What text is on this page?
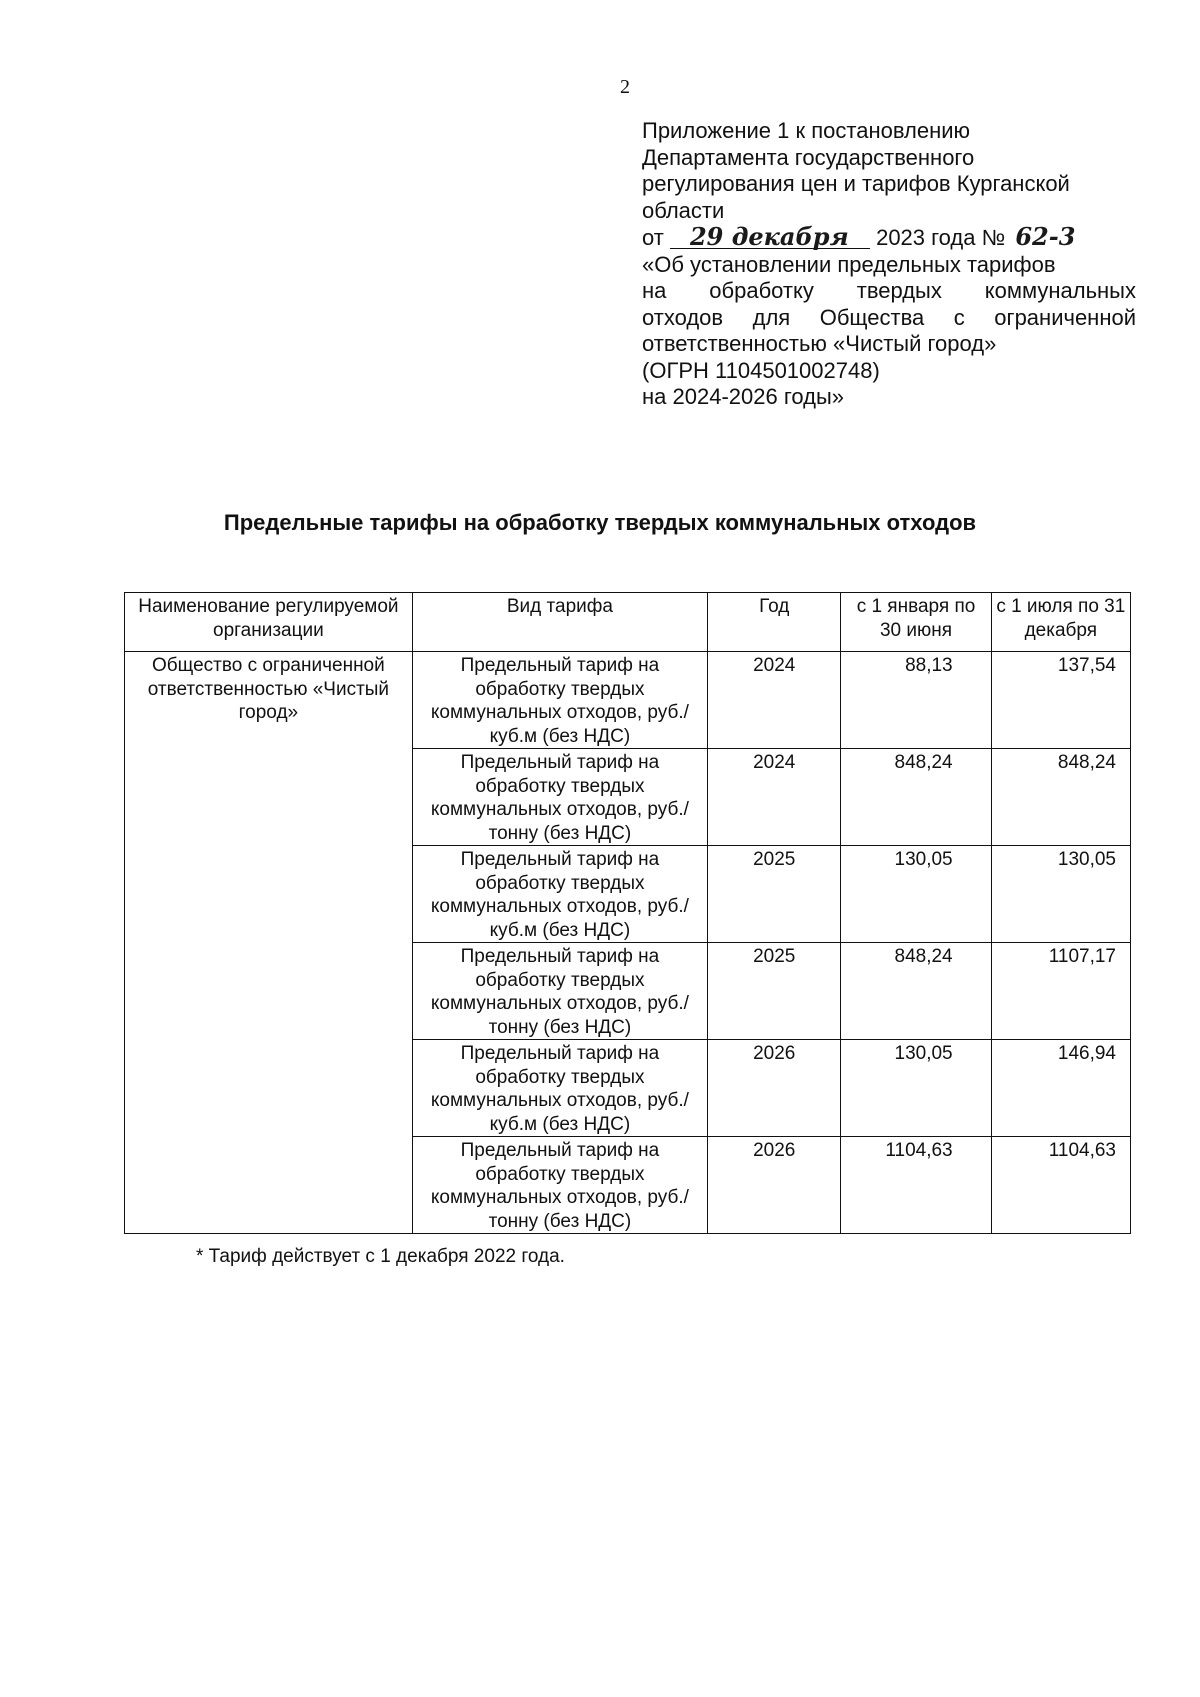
2
Приложение 1 к постановлению
Департамента государственного
регулирования цен и тарифов Курганской
области
от 29 декабря 2023 года № 62-3
«Об установлении предельных тарифов
на обработку твердых коммунальных
отходов для Общества с ограниченной
ответственностью «Чистый город»
(ОГРН 1104501002748)
на 2024-2026 годы»
Предельные тарифы на обработку твердых коммунальных отходов
Наименование регулируемой организации	Вид тарифа	Год	с 1 января по 30 июня	с 1 июля по 31 декабря
Общество с ограниченной ответственностью «Чистый город»	Предельный тариф на обработку твердых коммунальных отходов, руб./куб.м (без НДС)	2024	88,13	137,54
	Предельный тариф на обработку твердых коммунальных отходов, руб./тонну (без НДС)	2024	848,24	848,24
	Предельный тариф на обработку твердых коммунальных отходов, руб./куб.м (без НДС)	2025	130,05	130,05
	Предельный тариф на обработку твердых коммунальных отходов, руб./тонну (без НДС)	2025	848,24	1107,17
	Предельный тариф на обработку твердых коммунальных отходов, руб./куб.м (без НДС)	2026	130,05	146,94
	Предельный тариф на обработку твердых коммунальных отходов, руб./тонну (без НДС)	2026	1104,63	1104,63
* Тариф действует с 1 декабря 2022 года.
